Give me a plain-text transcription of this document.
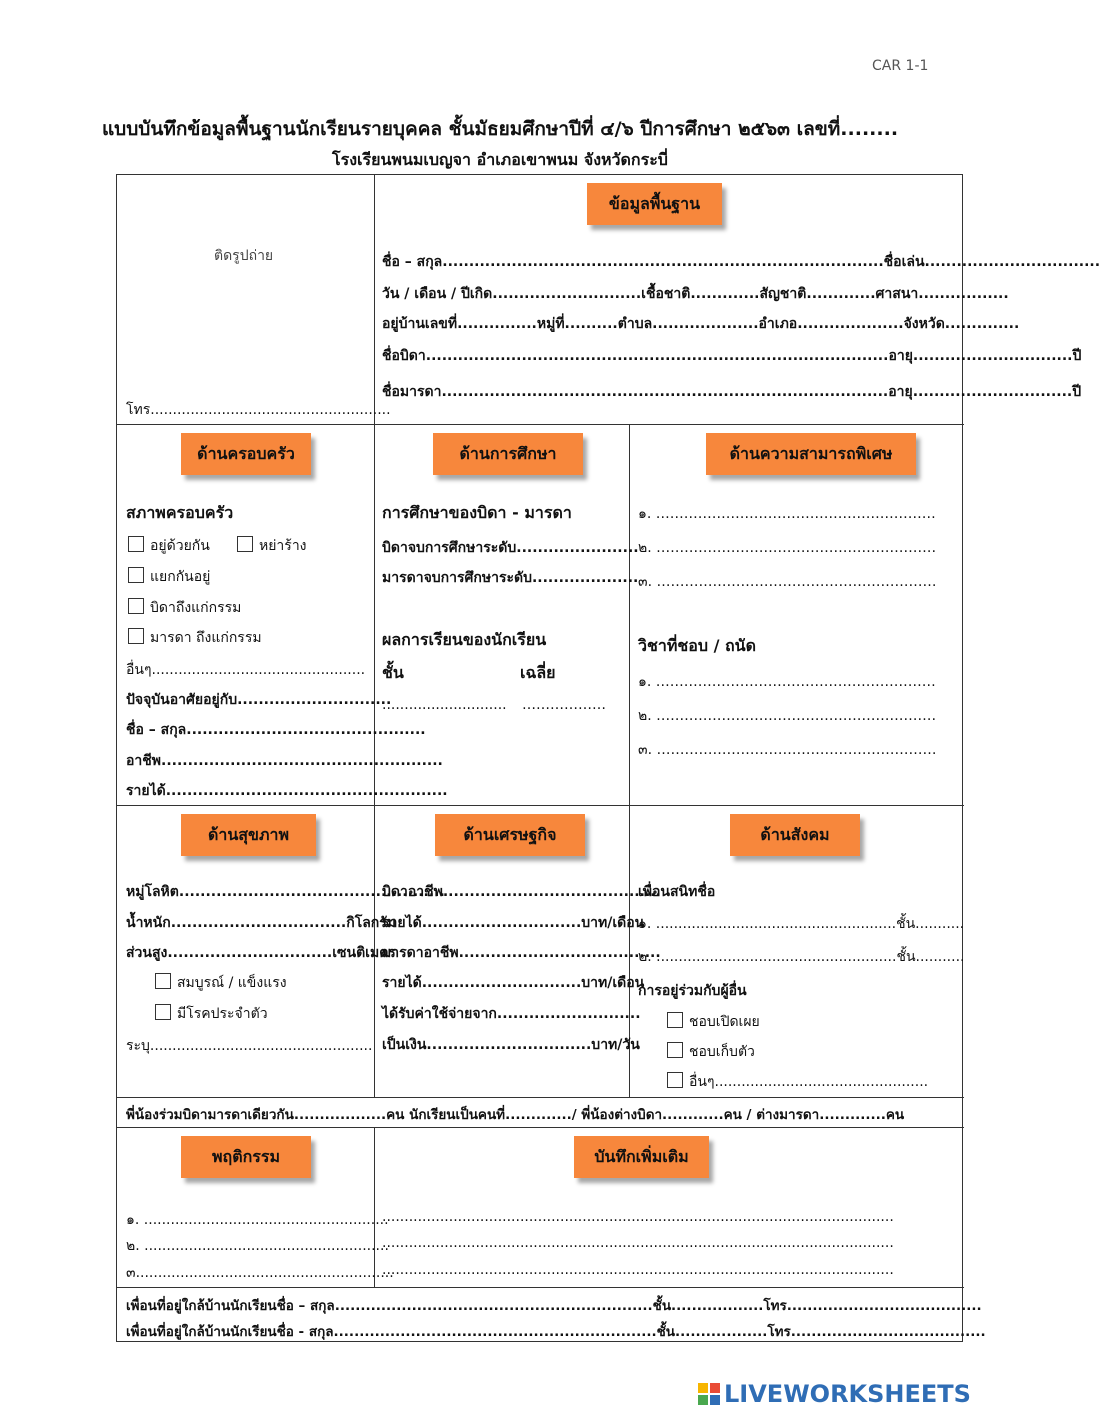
CAR 1-1
แบบบันทึกข้อมูลพื้นฐานนักเรียนรายบุคคล ชั้นมัธยมศึกษาปีที่ ๔/๖ ปีการศึกษา ๒๕๖๓ เลขที่........
โรงเรียนพนมเบญจา อำเภอเขาพนม จังหวัดกระบี่
ติดรูปถ่าย
โทร......................................................
ข้อมูลพื้นฐาน
ชื่อ – สกุล...................................................................................ชื่อเล่น.................................
วัน / เดือน / ปีเกิด............................เชื้อชาติ.............สัญชาติ.............ศาสนา.................
อยู่บ้านเลขที่...............หมู่ที่..........ตำบล....................อำเภอ....................จังหวัด..............
ชื่อบิดา.......................................................................................อายุ..............................ปี
ชื่อมารดา....................................................................................อายุ..............................ปี
ด้านครอบครัว
สภาพครอบครัว
อยู่ด้วยกัน	หย่าร้าง
แยกกันอยู่
บิดาถึงแก่กรรม
มารดา ถึงแก่กรรม
อื่นๆ................................................
ปัจจุบันอาศัยอยู่กับ.............................
ชื่อ – สกุล.............................................
อาชีพ.....................................................
รายได้.....................................................
ด้านการศึกษา
การศึกษาของบิดา - มารดา
บิดาจบการศึกษาระดับ.......................
มารดาจบการศึกษาระดับ....................
ผลการเรียนของนักเรียน
ชั้น	เฉลี่ย
............................ ………………
ด้านความสามารถพิเศษ
๑. ……………………………………………………
๒. ……………………………………………………
๓. ……………………………………………………
วิชาที่ชอบ / ถนัด
๑. ……………………………………………………
๒. ……………………………………………………
๓. ……………………………………………………
ด้านสุขภาพ
หมู่โลหิต..................................................
น้ำหนัก.................................กิโลกรัม
ส่วนสูง...............................เซนติเมตร
สมบูรณ์ / แข็งแรง
มีโรคประจำตัว
ระบุ..................................................
ด้านเศรษฐกิจ
บิดาอาชีพ.........................................
รายได้..............................บาท/เดือน
มารดาอาชีพ......................................
รายได้..............................บาท/เดือน
ได้รับค่าใช้จ่ายจาก...........................
เป็นเงิน...............................บาท/วัน
ด้านสังคม
เพื่อนสนิทชื่อ
๑. ......................................................ชั้น...........
๒. ......................................................ชั้น...........
การอยู่ร่วมกับผู้อื่น
ชอบเปิดเผย
ชอบเก็บตัว
อื่นๆ................................................
พี่น้องร่วมบิดามารดาเดียวกัน..................คน นักเรียนเป็นคนที่............./ พี่น้องต่างบิดา............คน / ต่างมารดา.............คน
พฤติกรรม
๑. .......................................................
๒. .......................................................
๓..........................................................
บันทึกเพิ่มเติม
...................................................................................................................
...................................................................................................................
...................................................................................................................
เพื่อนที่อยู่ใกล้บ้านนักเรียนชื่อ – สกุล..............................................................ชั้น..................โทร......................................
เพื่อนที่อยู่ใกล้บ้านนักเรียนชื่อ - สกุล...............................................................ชั้น..................โทร......................................
LIVEWORKSHEETS
